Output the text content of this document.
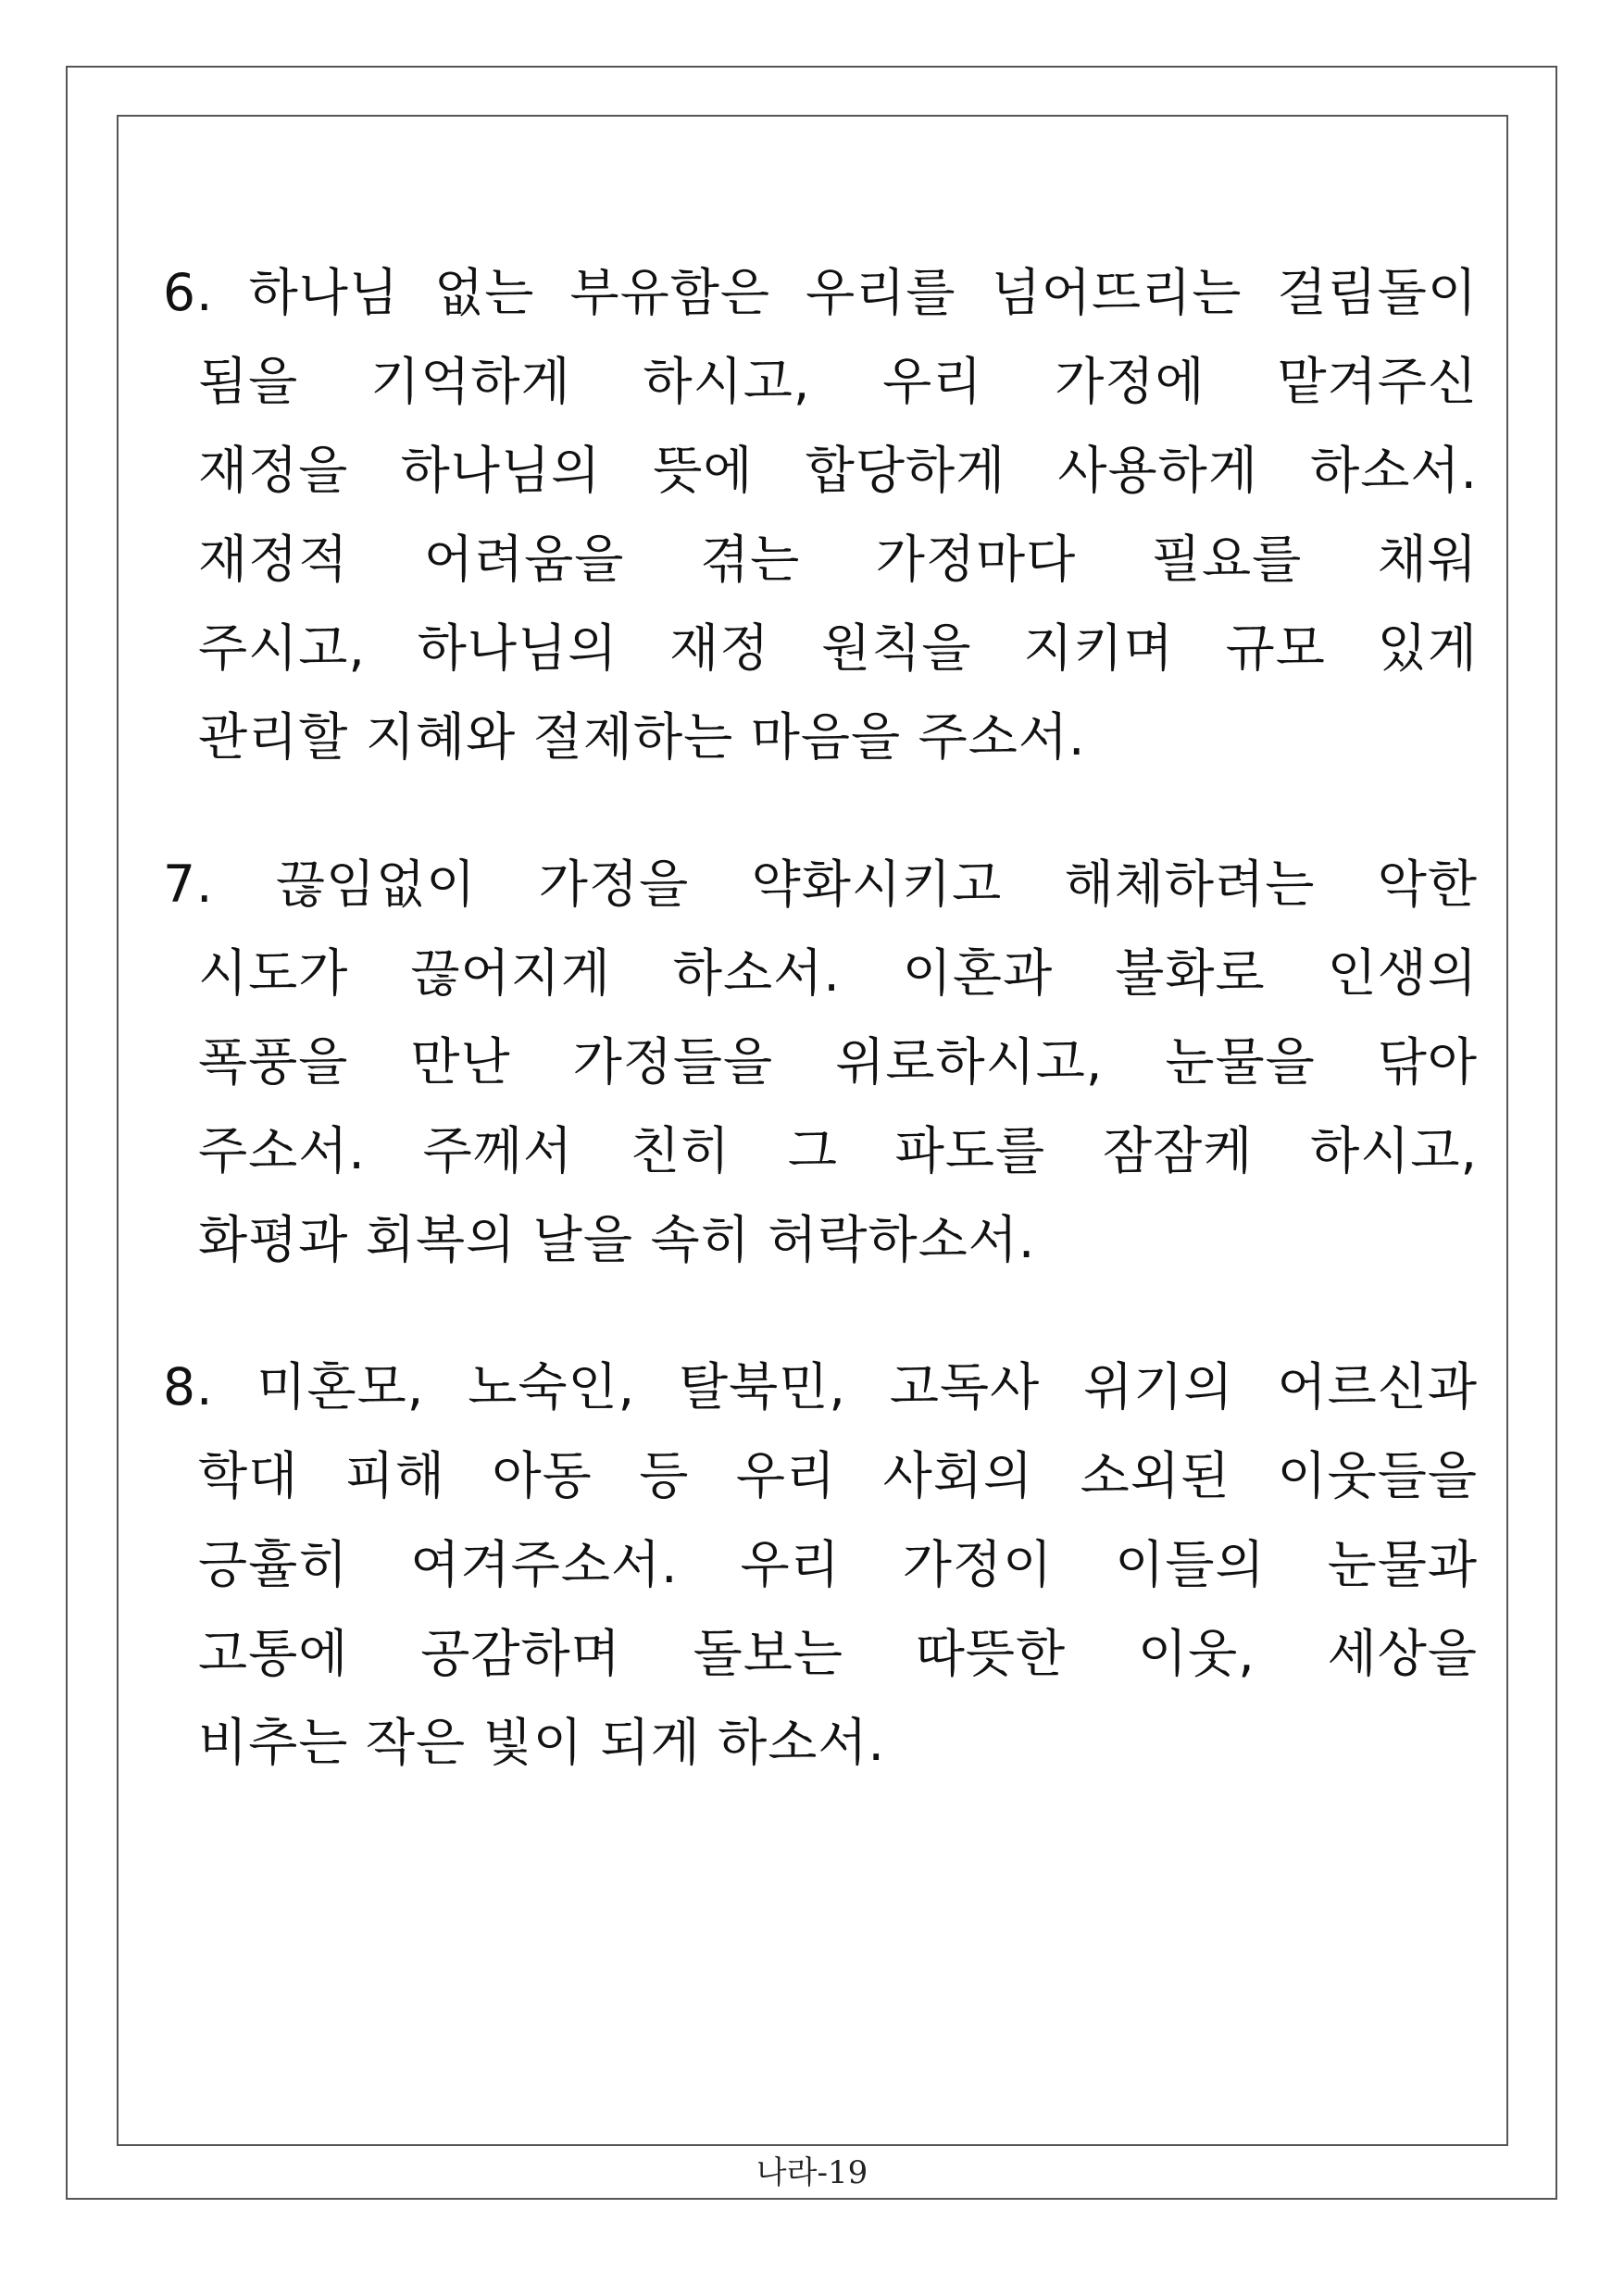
6. 하나님 없는 부유함은 우리를 넘어뜨리는 걸림돌이
됨을 기억하게 하시고, 우리 가정에 맡겨주신
재정을 하나님의 뜻에 합당하게 사용하게 하소서.
재정적 어려움을 겪는 가정마다 필요를 채워
주시고, 하나님의 재정 원칙을 지키며 규모 있게
관리할 지혜와 절제하는 마음을 주소서.
7. 끊임없이 가정을 약화시키고 해체하려는 악한
시도가 끊어지게 하소서. 이혼과 불화로 인생의
폭풍을 만난 가정들을 위로하시고, 눈물을 닦아
주소서. 주께서 친히 그 파도를 잠잠케 하시고,
화평과 회복의 날을 속히 허락하소서.
8. 미혼모, 노숙인, 탈북민, 고독사 위기의 어르신과
학대 피해 아동 등 우리 사회의 소외된 이웃들을
긍휼히 여겨주소서. 우리 가정이 이들의 눈물과
고통에 공감하며 돌보는 따뜻한 이웃, 세상을
비추는 작은 빛이 되게 하소서.
나라-19
